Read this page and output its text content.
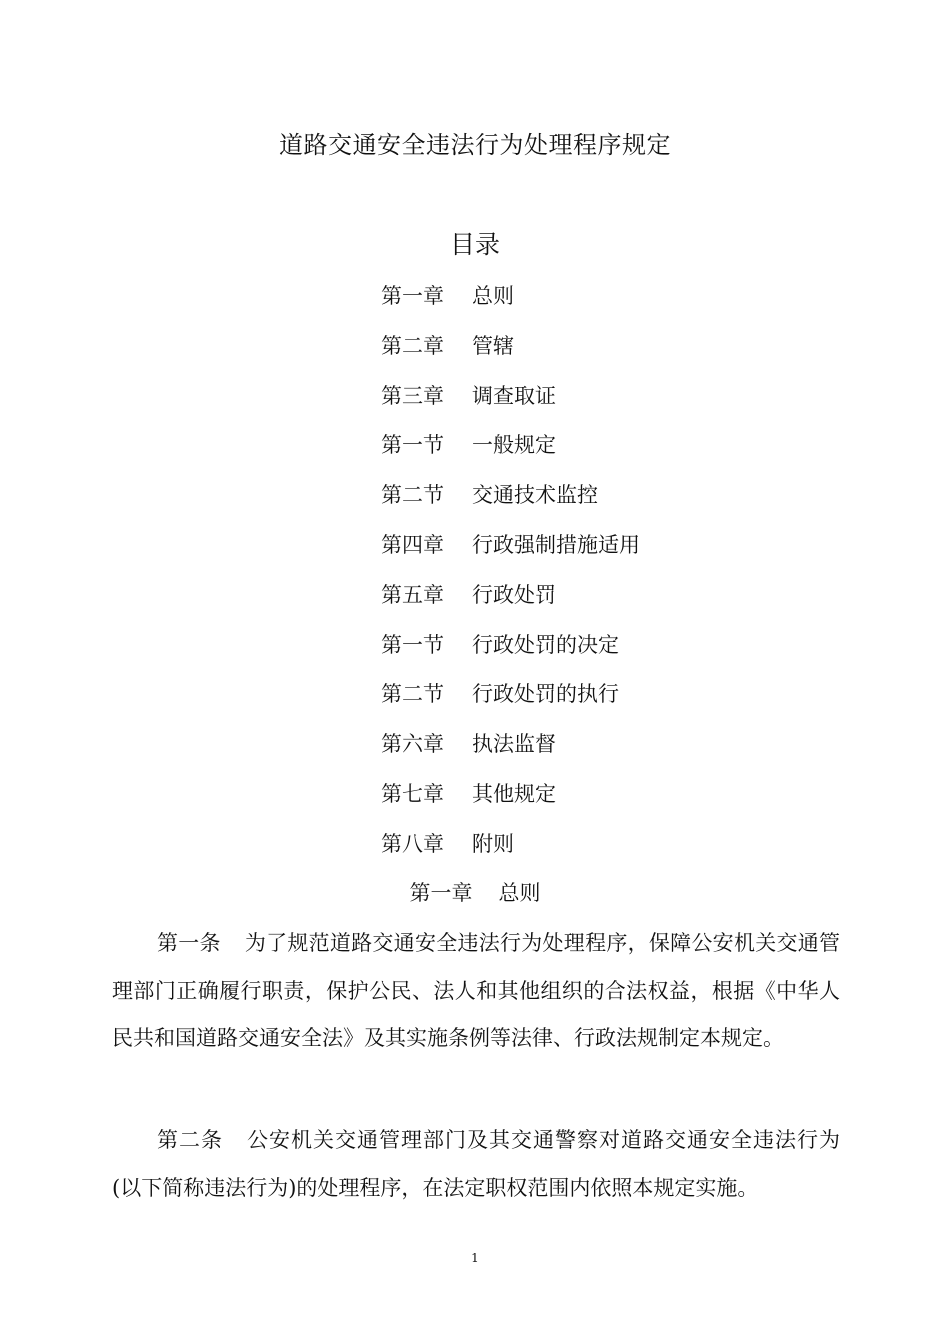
道路交通安全违法行为处理程序规定
目录
第一章 总则
第二章 管辖
第三章 调查取证
第一节 一般规定
第二节 交通技术监控
第四章 行政强制措施适用
第五章 行政处罚
第一节 行政处罚的决定
第二节 行政处罚的执行
第六章 执法监督
第七章 其他规定
第八章 附则
第一章 总则

第一条 为了规范道路交通安全违法行为处理程序，保障公安机关交通管理部门正确履行职责，保护公民、法人和其他组织的合法权益，根据《中华人民共和国道路交通安全法》及其实施条例等法律、行政法规制定本规定。

第二条 公安机关交通管理部门及其交通警察对道路交通安全违法行为(以下简称违法行为)的处理程序，在法定职权范围内依照本规定实施。

1
